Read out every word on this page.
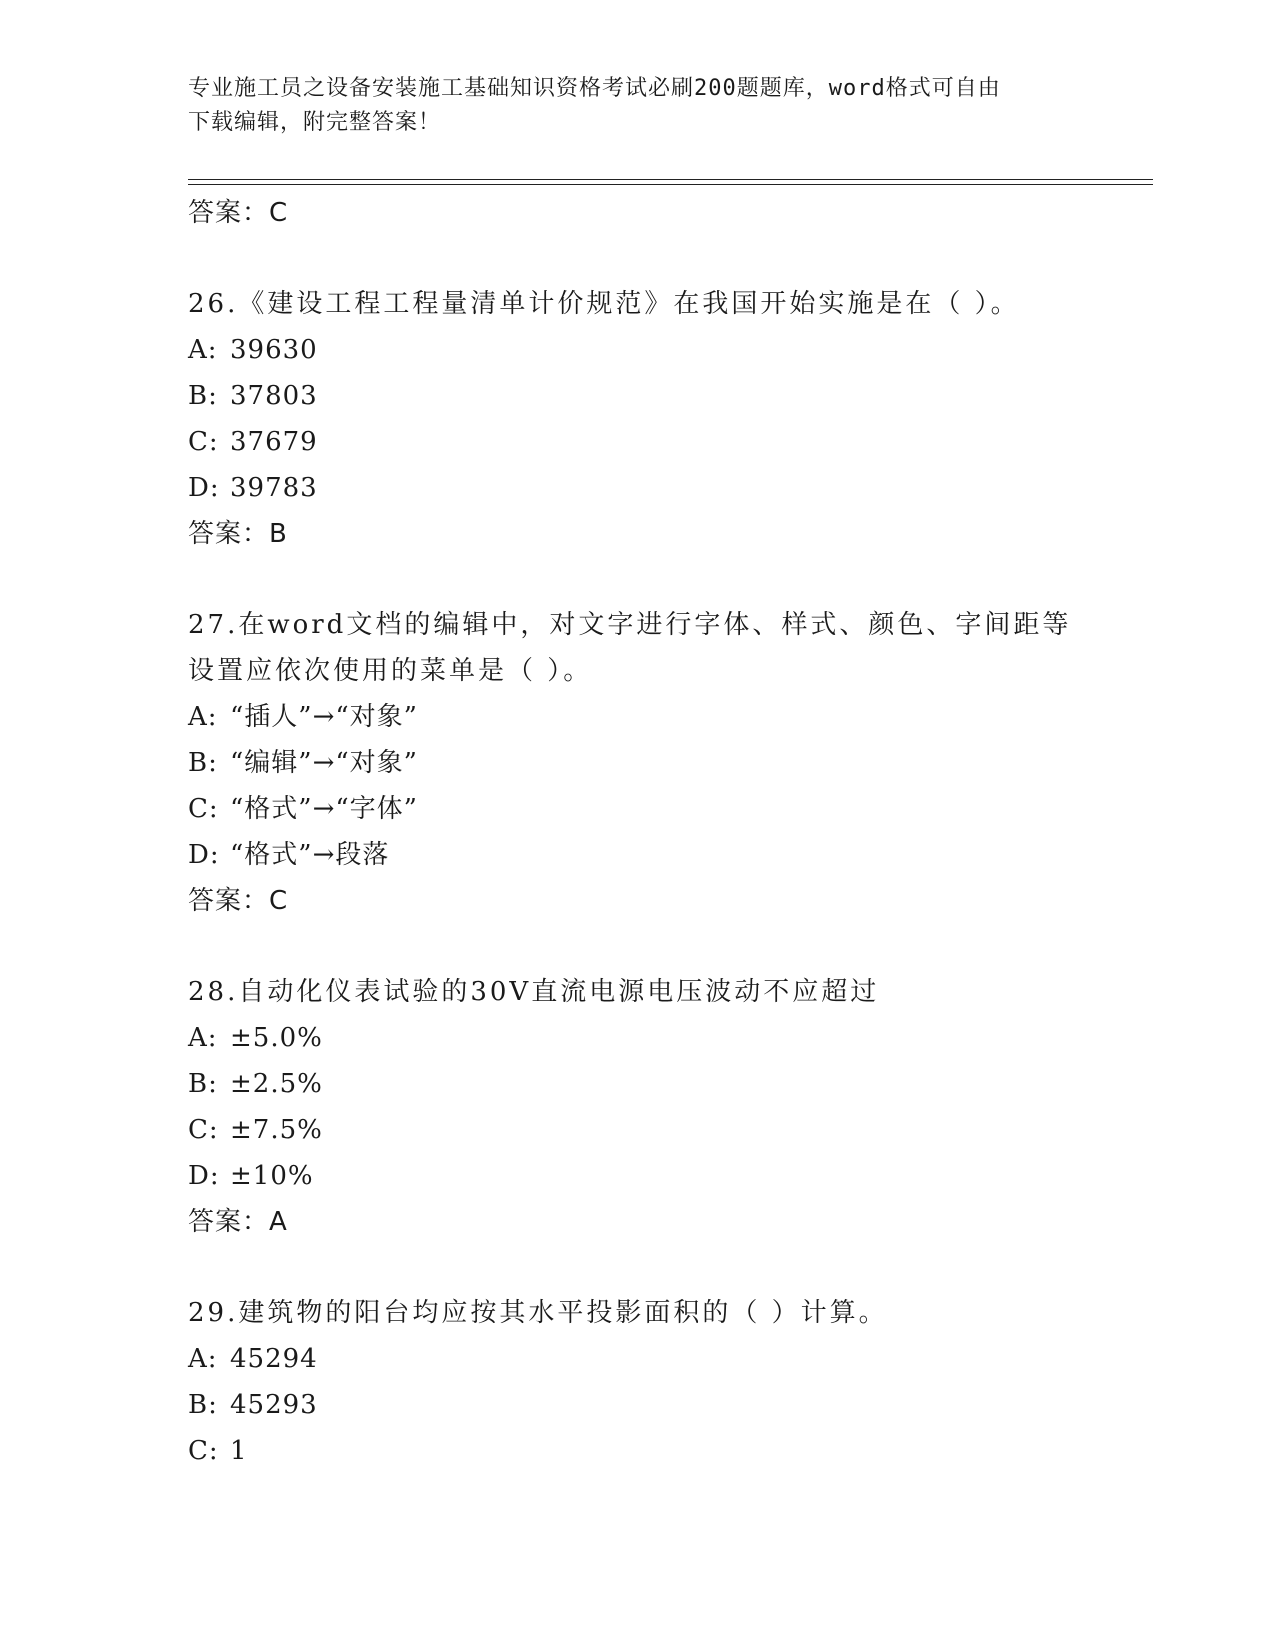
专业施工员之设备安装施工基础知识资格考试必刷200题题库，word格式可自由
下载编辑，附完整答案！
答案：C
26.《建设工程工程量清单计价规范》在我国开始实施是在（ ）。
A: 39630
B: 37803
C: 37679
D: 39783
答案：B
27.在word文档的编辑中，对文字进行字体、样式、颜色、字间距等
设置应依次使用的菜单是（ ）。
A: “插人”→“对象”
B: “编辑”→“对象”
C: “格式”→“字体”
D: “格式”→段落
答案：C
28.自动化仪表试验的30V直流电源电压波动不应超过
A: ±5.0%
B: ±2.5%
C: ±7.5%
D: ±10%
答案：A
29.建筑物的阳台均应按其水平投影面积的（ ）计算。
A: 45294
B: 45293
C: 1
